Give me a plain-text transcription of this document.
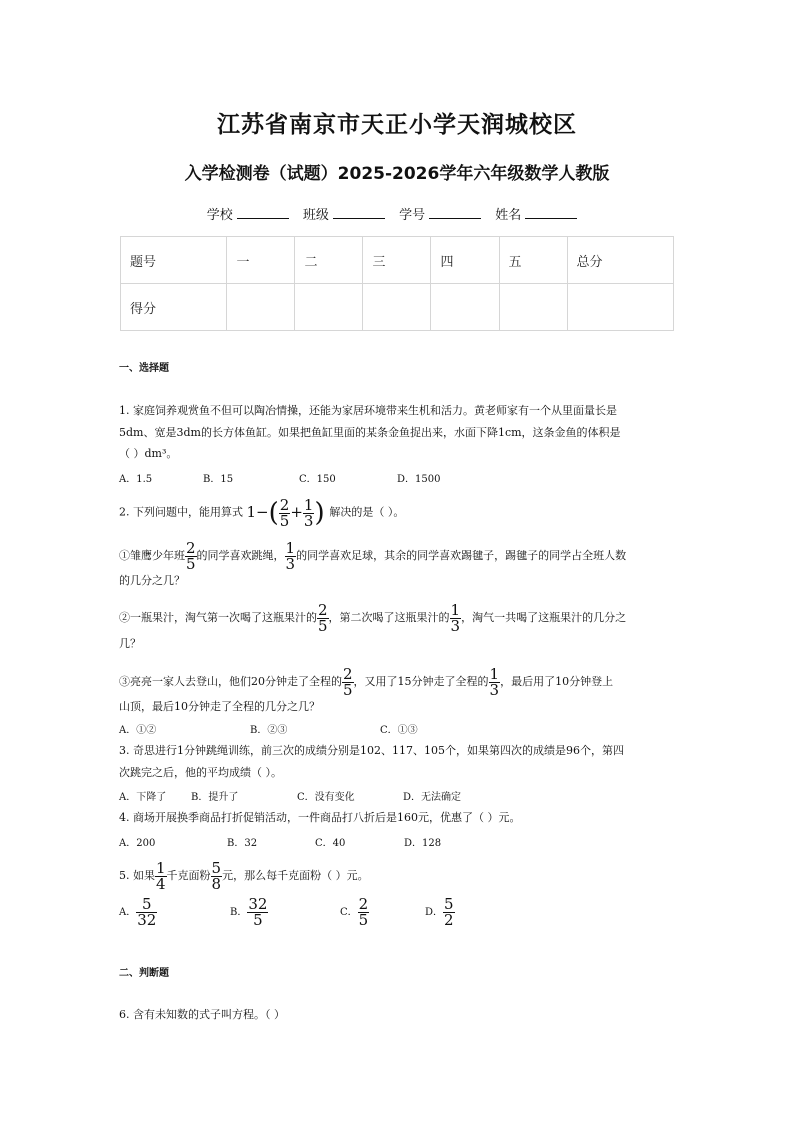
江苏省南京市天正小学天润城校区
入学检测卷（试题）2025-2026学年六年级数学人教版
学校	班级	学号	姓名
题号	一	二	三	四	五	总分
得分						
一、选择题
1. 家庭饲养观赏鱼不但可以陶冶情操，还能为家居环境带来生机和活力。黄老师家有一个从里面量长是
5dm、宽是3dm的长方体鱼缸。如果把鱼缸里面的某条金鱼捉出来，水面下降1cm，这条金鱼的体积是
（ ）dm³。
A．1.5	B．15	C．150	D．1500
2. 下列问题中，能用算式 $1-( \frac{2}{5} + \frac{1}{3}$ ) 解决的是（ ）。
①雏鹰少年班 $\frac{2}{5}$ 的同学喜欢跳绳， $\frac{1}{3}$ 的同学喜欢足球，其余的同学喜欢踢毽子，踢毽子的同学占全班人数
的几分之几？
②一瓶果汁，淘气第一次喝了这瓶果汁的 $\frac{2}{5}$ ，第二次喝了这瓶果汁的 $\frac{1}{3}$ ，淘气一共喝了这瓶果汁的几分之
几？
③亮亮一家人去登山，他们20分钟走了全程的 $\frac{2}{5}$ ，又用了15分钟走了全程的 $\frac{1}{3}$ ，最后用了10分钟登上
山顶，最后10分钟走了全程的几分之几？
A．①②	B．②③	C．①③
3. 奇思进行1分钟跳绳训练，前三次的成绩分别是102、117、105个，如果第四次的成绩是96个，第四
次跳完之后，他的平均成绩（ ）。
A．下降了 B．提升了	C．没有变化	D．无法确定
4. 商场开展换季商品打折促销活动，一件商品打八折后是160元，优惠了（ ）元。
A．200	B．32	C．40	D．128
5. 如果 $\frac{1}{4}$ 千克面粉 $\frac{5}{8}$ 元，那么每千克面粉（ ）元。
A． $\frac{5}{32}$	B． $\frac{32}{5}$	C． $\frac{2}{5}$	D． $\frac{5}{2}$
二、判断题
6. 含有未知数的式子叫方程。（ ）
